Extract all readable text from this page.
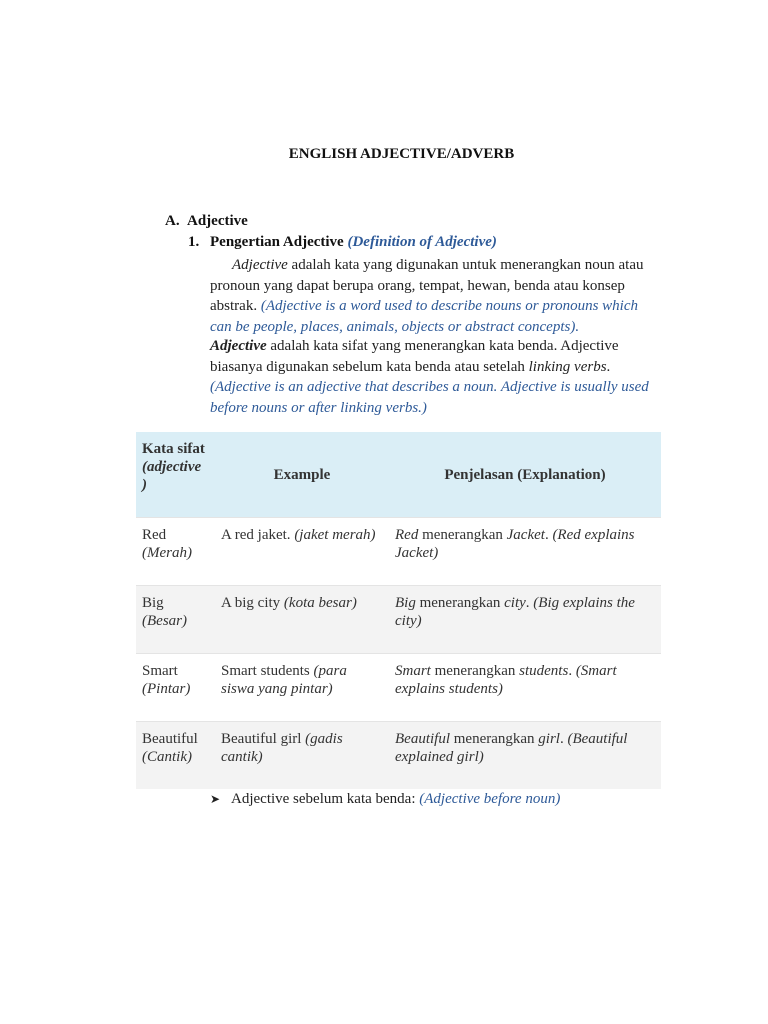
ENGLISH ADJECTIVE/ADVERB
A. Adjective
1. Pengertian Adjective (Definition of Adjective)
Adjective adalah kata yang digunakan untuk menerangkan noun atau pronoun yang dapat berupa orang, tempat, hewan, benda atau konsep abstrak. (Adjective is a word used to describe nouns or pronouns which can be people, places, animals, objects or abstract concepts).
Adjective adalah kata sifat yang menerangkan kata benda. Adjective biasanya digunakan sebelum kata benda atau setelah linking verbs. (Adjective is an adjective that describes a noun. Adjective is usually used before nouns or after linking verbs.)
Kata sifat
(adjective )	Example	Penjelasan (Explanation)
Red
(Merah)	A red jaket. (jaket merah)	Red menerangkan Jacket. (Red explains Jacket)
Big
(Besar)	A big city (kota besar)	Big menerangkan city. (Big explains the city)
Smart
(Pintar)	Smart students (para siswa yang pintar)	Smart menerangkan students. (Smart explains students)
Beautiful
(Cantik)	Beautiful girl (gadis cantik)	Beautiful menerangkan girl. (Beautiful explained girl)
➤ Adjective sebelum kata benda: (Adjective before noun)
